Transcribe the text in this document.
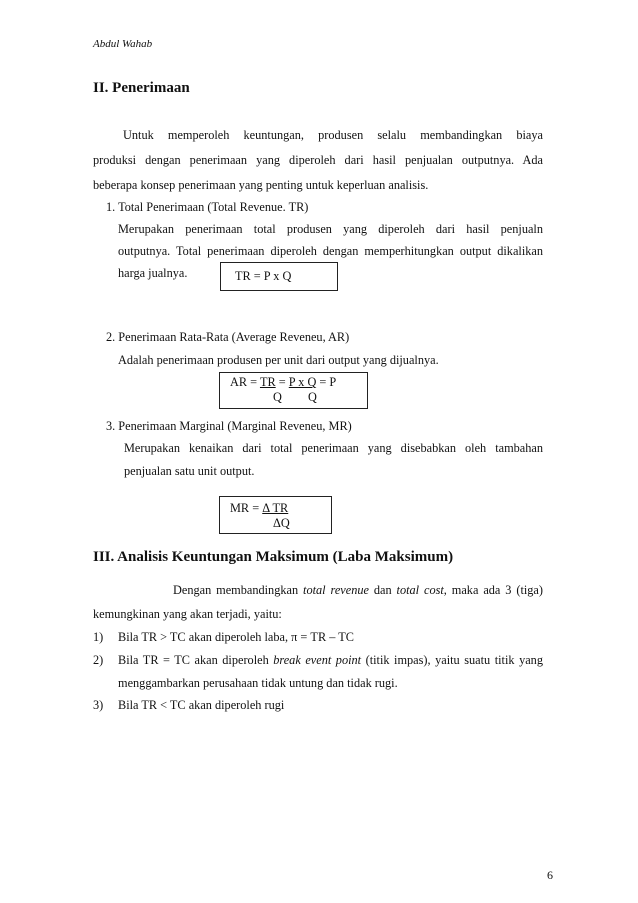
Abdul Wahab
II. Penerimaan
Untuk memperoleh keuntungan, produsen selalu membandingkan biaya
produksi dengan penerimaan yang diperoleh dari hasil penjualan outputnya. Ada
beberapa konsep penerimaan yang penting untuk keperluan analisis.
1. Total Penerimaan (Total Revenue. TR)
Merupakan penerimaan total produsen yang diperoleh dari hasil penjualn
outputnya. Total penerimaan diperoleh dengan memperhitungkan output dikalikan
harga jualnya.	TR = P x Q
2. Penerimaan Rata-Rata (Average Reveneu, AR)
Adalah penerimaan produsen per unit dari output yang dijualnya.
AR = TR = P x Q = P
Q Q
3. Penerimaan Marginal (Marginal Reveneu, MR)
Merupakan kenaikan dari total penerimaan yang disebabkan oleh tambahan
penjualan satu unit output.
MR = Δ TR
ΔQ
III. Analisis Keuntungan Maksimum (Laba Maksimum)
Dengan membandingkan total revenue dan total cost, maka ada 3 (tiga)
kemungkinan yang akan terjadi, yaitu:
1) Bila TR > TC akan diperoleh laba, π = TR – TC
2) Bila TR = TC akan diperoleh break event point (titik impas), yaitu suatu titik yang
menggambarkan perusahaan tidak untung dan tidak rugi.
3) Bila TR < TC akan diperoleh rugi
6
